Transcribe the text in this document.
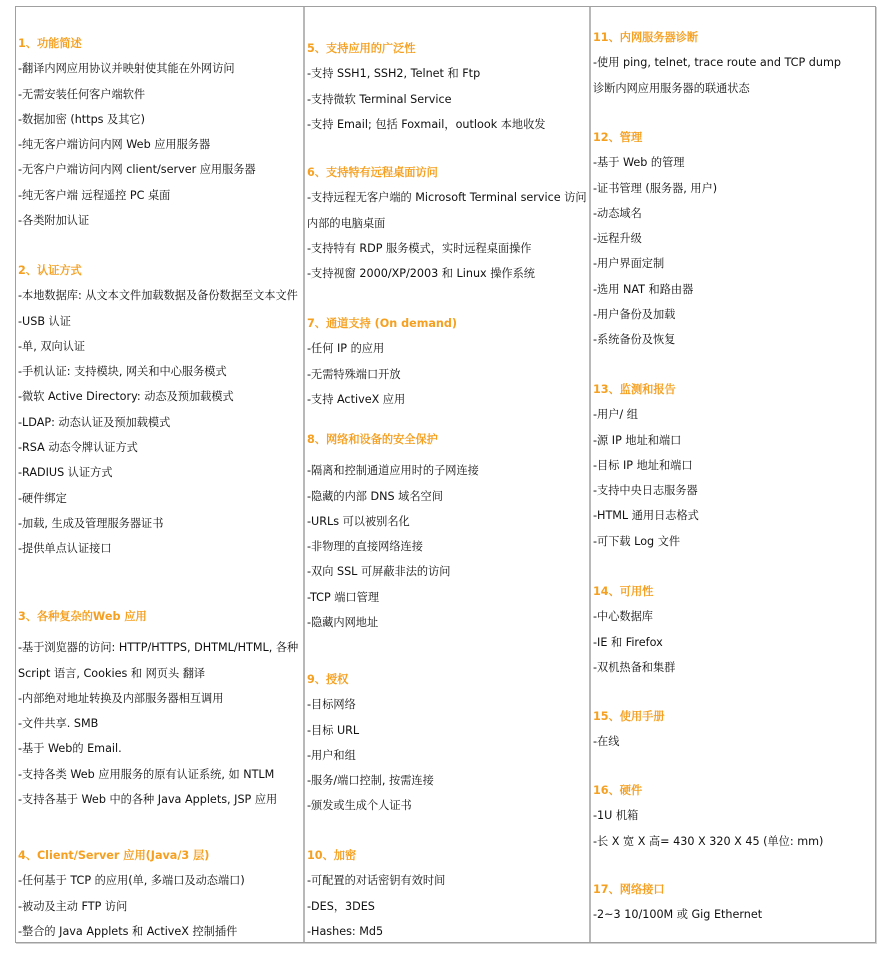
1、功能简述
-翻译内网应用协议并映射使其能在外网访问
-无需安装任何客户端软件
-数据加密 (https 及其它)
-纯无客户端访问内网 Web 应用服务器
-无客户户端访问内网 client/server 应用服务器
-纯无客户端 远程遥控 PC 桌面
-各类附加认证
2、认证方式
-本地数据库: 从文本文件加载数据及备份数据至文本文件
-USB 认证
-单, 双向认证
-手机认证: 支持模块, 网关和中心服务模式
-微软 Active Directory: 动态及预加载模式
-LDAP: 动态认证及预加载模式
-RSA 动态令牌认证方式
-RADIUS 认证方式
-硬件绑定
-加载, 生成及管理服务器证书
-提供单点认证接口
3、各种复杂的Web 应用
-基于浏览器的访问: HTTP/HTTPS, DHTML/HTML, 各种 Script 语言, Cookies 和 网页头 翻译
-内部绝对地址转换及内部服务器相互调用
-文件共享. SMB
-基于 Web的 Email.
-支持各类 Web 应用服务的原有认证系统, 如 NTLM
-支持各基于 Web 中的各种 Java Applets, JSP 应用
4、Client/Server 应用(Java/3 层)
-任何基于 TCP 的应用(单, 多端口及动态端口)
-被动及主动 FTP 访问
-整合的 Java Applets 和 ActiveX 控制插件
5、支持应用的广泛性
-支持 SSH1, SSH2, Telnet 和 Ftp
-支持微软 Terminal Service
-支持 Email; 包括 Foxmail，outlook 本地收发
6、支持特有远程桌面访问
-支持远程无客户端的 Microsoft Terminal service 访问内部的电脑桌面
-支持特有 RDP 服务模式，实时远程桌面操作
-支持视窗 2000/XP/2003 和 Linux 操作系统
7、通道支持 (On demand)
-任何 IP 的应用
-无需特殊端口开放
-支持 ActiveX 应用
8、网络和设备的安全保护
-隔离和控制通道应用时的子网连接
-隐藏的内部 DNS 域名空间
-URLs 可以被别名化
-非物理的直接网络连接
-双向 SSL 可屏蔽非法的访问
-TCP 端口管理
-隐藏内网地址
9、授权
-目标网络
-目标 URL
-用户和组
-服务/端口控制, 按需连接
-颁发或生成个人证书
10、加密
-可配置的对话密钥有效时间
-DES，3DES
-Hashes: Md5
11、内网服务器诊断
-使用 ping, telnet, trace route and TCP dump
诊断内网应用服务器的联通状态
12、管理
-基于 Web 的管理
-证书管理 (服务器, 用户)
-动态域名
-远程升级
-用户界面定制
-选用 NAT 和路由器
-用户备份及加载
-系统备份及恢复
13、监测和报告
-用户/ 组
-源 IP 地址和端口
-目标 IP 地址和端口
-支持中央日志服务器
-HTML 通用日志格式
-可下载 Log 文件
14、可用性
-中心数据库
-IE 和 Firefox
-双机热备和集群
15、使用手册
-在线
16、硬件
-1U 机箱
-长 X 宽 X 高= 430 X 320 X 45 (单位: mm)
17、网络接口
-2~3 10/100M 或 Gig Ethernet
